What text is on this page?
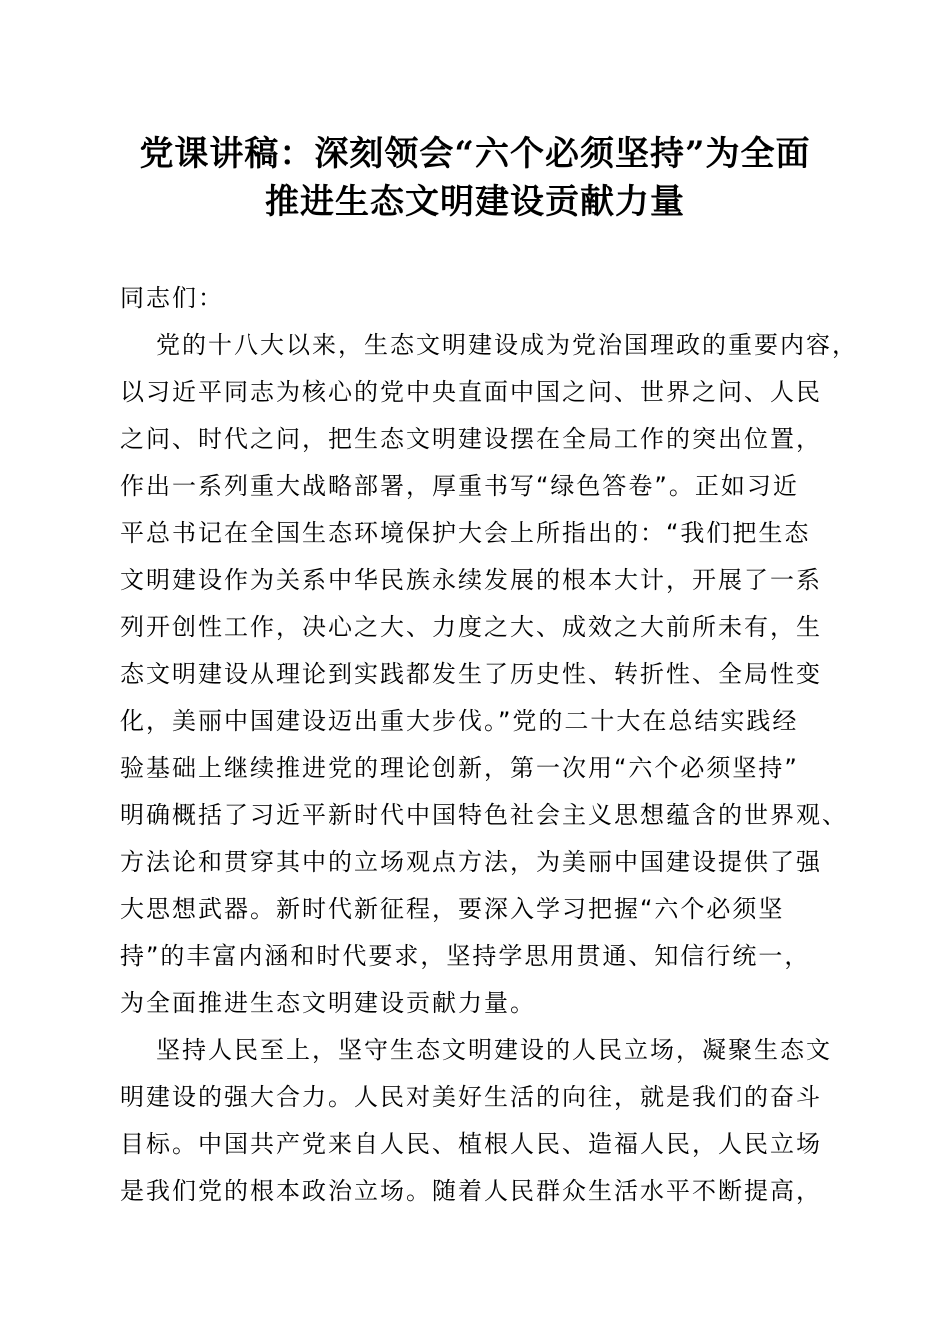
党课讲稿：深刻领会“六个必须坚持”为全面
推进生态文明建设贡献力量
同志们：
党的十八大以来，生态文明建设成为党治国理政的重要内容，
以习近平同志为核心的党中央直面中国之问、世界之问、人民
之问、时代之问，把生态文明建设摆在全局工作的突出位置，
作出一系列重大战略部署，厚重书写“绿色答卷”。正如习近
平总书记在全国生态环境保护大会上所指出的：“我们把生态
文明建设作为关系中华民族永续发展的根本大计，开展了一系
列开创性工作，决心之大、力度之大、成效之大前所未有，生
态文明建设从理论到实践都发生了历史性、转折性、全局性变
化，美丽中国建设迈出重大步伐。”党的二十大在总结实践经
验基础上继续推进党的理论创新，第一次用“六个必须坚持”
明确概括了习近平新时代中国特色社会主义思想蕴含的世界观、
方法论和贯穿其中的立场观点方法，为美丽中国建设提供了强
大思想武器。新时代新征程，要深入学习把握“六个必须坚
持”的丰富内涵和时代要求，坚持学思用贯通、知信行统一，
为全面推进生态文明建设贡献力量。
坚持人民至上，坚守生态文明建设的人民立场，凝聚生态文
明建设的强大合力。人民对美好生活的向往，就是我们的奋斗
目标。中国共产党来自人民、植根人民、造福人民，人民立场
是我们党的根本政治立场。随着人民群众生活水平不断提高，
